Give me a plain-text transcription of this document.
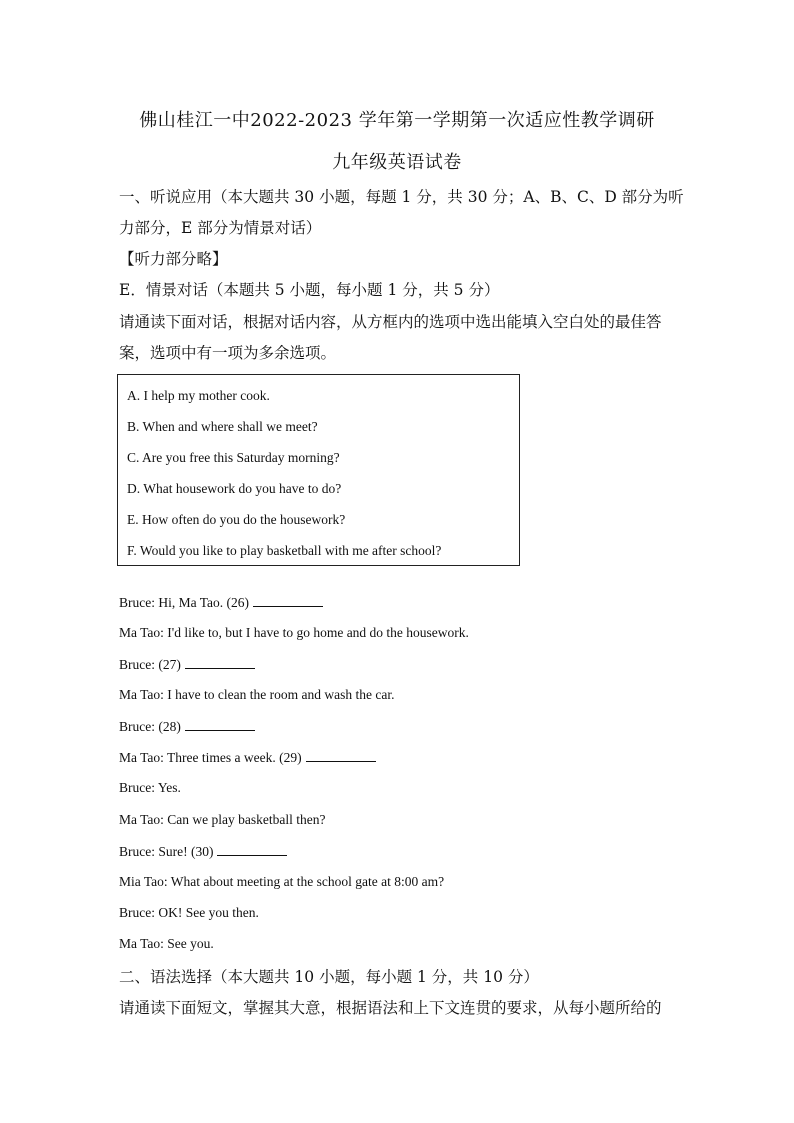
佛山桂江一中2022-2023 学年第一学期第一次适应性教学调研
九年级英语试卷
一、听说应用（本大题共 30 小题，每题 1 分，共 30 分；A、B、C、D 部分为听
力部分，E 部分为情景对话）
【听力部分略】
E．情景对话（本题共 5 小题，每小题 1 分，共 5 分）
请通读下面对话，根据对话内容，从方框内的选项中选出能填入空白处的最佳答
案，选项中有一项为多余选项。
A. I help my mother cook.
B. When and where shall we meet?
C. Are you free this Saturday morning?
D. What housework do you have to do?
E. How often do you do the housework?
F. Would you like to play basketball with me after school?
Bruce: Hi, Ma Tao. (26)
Ma Tao: I'd like to, but I have to go home and do the housework.
Bruce: (27)
Ma Tao: I have to clean the room and wash the car.
Bruce: (28)
Ma Tao: Three times a week. (29)
Bruce: Yes.
Ma Tao: Can we play basketball then?
Bruce: Sure! (30)
Mia Tao: What about meeting at the school gate at 8:00 am?
Bruce: OK! See you then.
Ma Tao: See you.
二、语法选择（本大题共 10 小题，每小题 1 分，共 10 分）
请通读下面短文，掌握其大意，根据语法和上下文连贯的要求，从每小题所给的
